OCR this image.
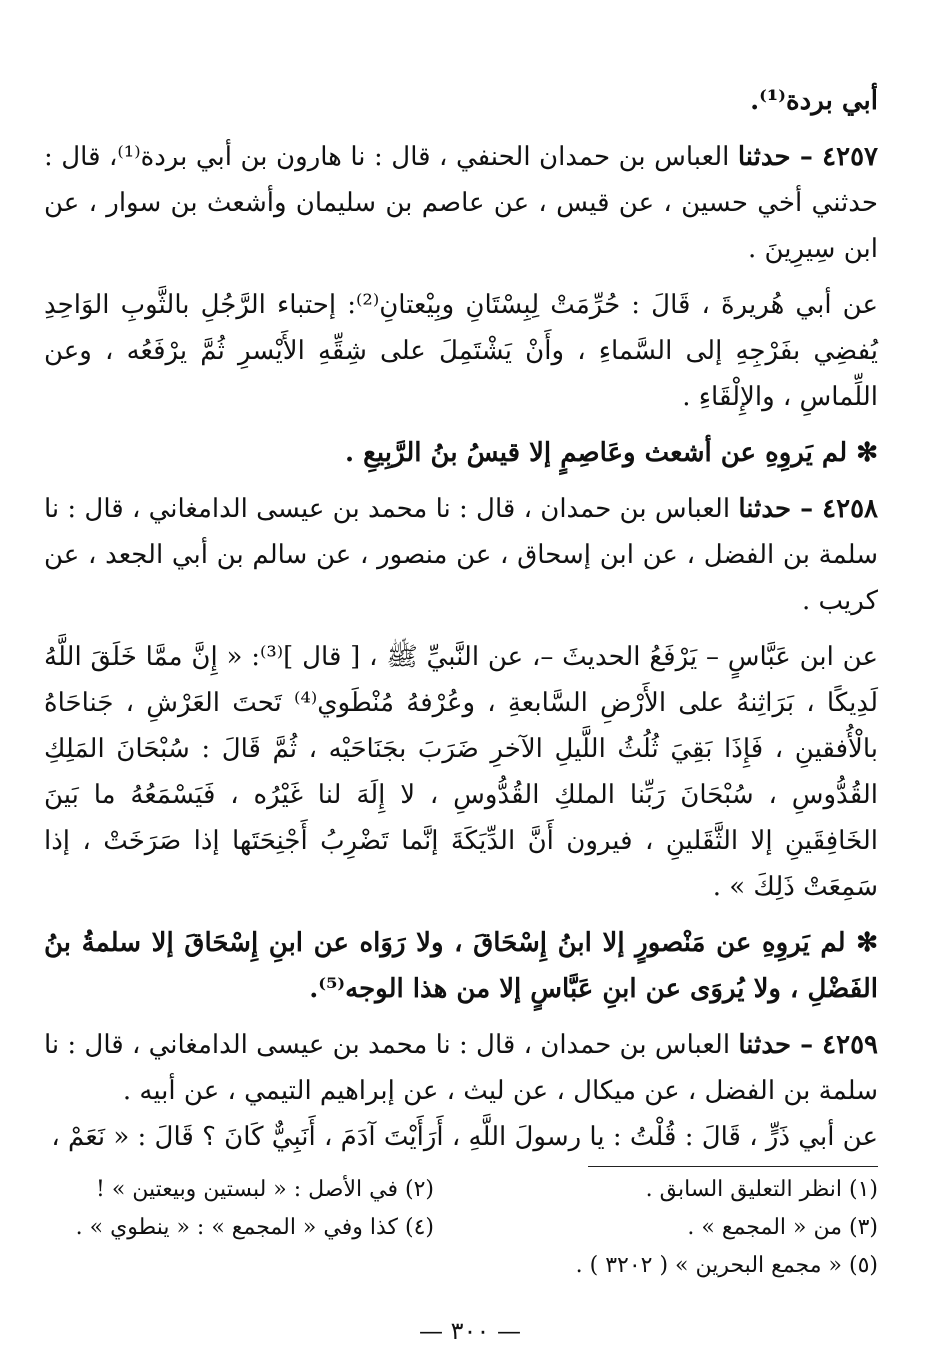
أبي بردة⁽¹⁾.

٤٢٥٧ – حدثنا العباس بن حمدان الحنفي ، قال : نا هارون بن أبي بردة⁽¹⁾، قال : حدثني أخي حسين ، عن قيس ، عن عاصم بن سليمان وأشعث بن سوار ، عن ابن سِيرِينَ .

عن أبي هُريرةَ ، قَالَ : حُرِّمَتْ لِبِسْتَانِ وبِيْعتانِ⁽²⁾: إحتباء الرَّجُلِ بالثَّوبِ الوَاحِدِ يُفضِي بفَرْجِهِ إلى السَّماءِ ، وأَنْ يَشْتَمِلَ على شِقِّهِ الأَيْسرِ ثُمَّ يرْفَعُه ، وعن اللِّماسِ ، والإِلْقَاءِ .

✻ لم يَروِهِ عن أشعث وعَاصِمٍ إلا قيسُ بنُ الرَّبِيعِ .

٤٢٥٨ – حدثنا العباس بن حمدان ، قال : نا محمد بن عيسى الدامغاني ، قال : نا سلمة بن الفضل ، عن ابن إسحاق ، عن منصور ، عن سالم بن أبي الجعد ، عن كريب .

عن ابن عَبَّاسٍ – يَرْفَعُ الحديثَ –، عن النَّبيِّ ﷺ ، [ قال ]⁽³⁾: « إِنَّ ممَّا خَلَقَ اللَّهُ لَدِيكًا ، بَرَاثِنهُ على الأَرْضِ السَّابعةِ ، وعُرْفهُ مُنْطَوي⁽⁴⁾ تَحتَ العَرْشِ ، جَناحَاهُ بالْأُفقينِ ، فَإِذَا بَقِيَ ثُلُثُ اللَّيلِ الآخرِ ضَرَبَ بجَنَاحَيْه ، ثُمَّ قَالَ : سُبْحَانَ المَلِكِ القُدُّوسِ ، سُبْحَانَ رَبِّنا الملكِ القُدُّوسِ ، لا إِلَهَ لنا غَيْرُه ، فَيَسْمَعُهُ ما بَينَ الخَافِقَينِ إلا الثَّقَلينِ ، فيرون أَنَّ الدِّيَكَةَ إنَّما تَضْرِبُ أَجْنِحَتَها إذا صَرَخَتْ ، إذا سَمِعَتْ ذَلِكَ » .

✻ لم يَروِهِ عن مَنْصورٍ إلا ابنُ إِسْحَاقَ ، ولا رَوَاه عن ابنِ إِسْحَاقَ إلا سلمةُ بنُ الفَضْلِ ، ولا يُروَى عن ابنِ عَبَّاسٍ إلا من هذا الوجه⁽⁵⁾.

٤٢٥٩ – حدثنا العباس بن حمدان ، قال : نا محمد بن عيسى الدامغاني ، قال : نا سلمة بن الفضل ، عن ميكال ، عن ليث ، عن إبراهيم التيمي ، عن أبيه .

عن أبي ذَرٍّ ، قَالَ : قُلْتُ : يا رسولَ اللَّهِ ، أَرَأَيْتَ آدَمَ ، أَنَبِيٌّ كَانَ ؟ قَالَ : « نَعَمْ ،

(١) انظر التعليق السابق .
(٢) في الأصل : « لبستين وبيعتين » !
(٣) من « المجمع » .
(٤) كذا وفي « المجمع » : « ينطوي » .
(٥) « مجمع البحرين » ( ٣٢٠٢ ) .
— ٣٠٠ —
